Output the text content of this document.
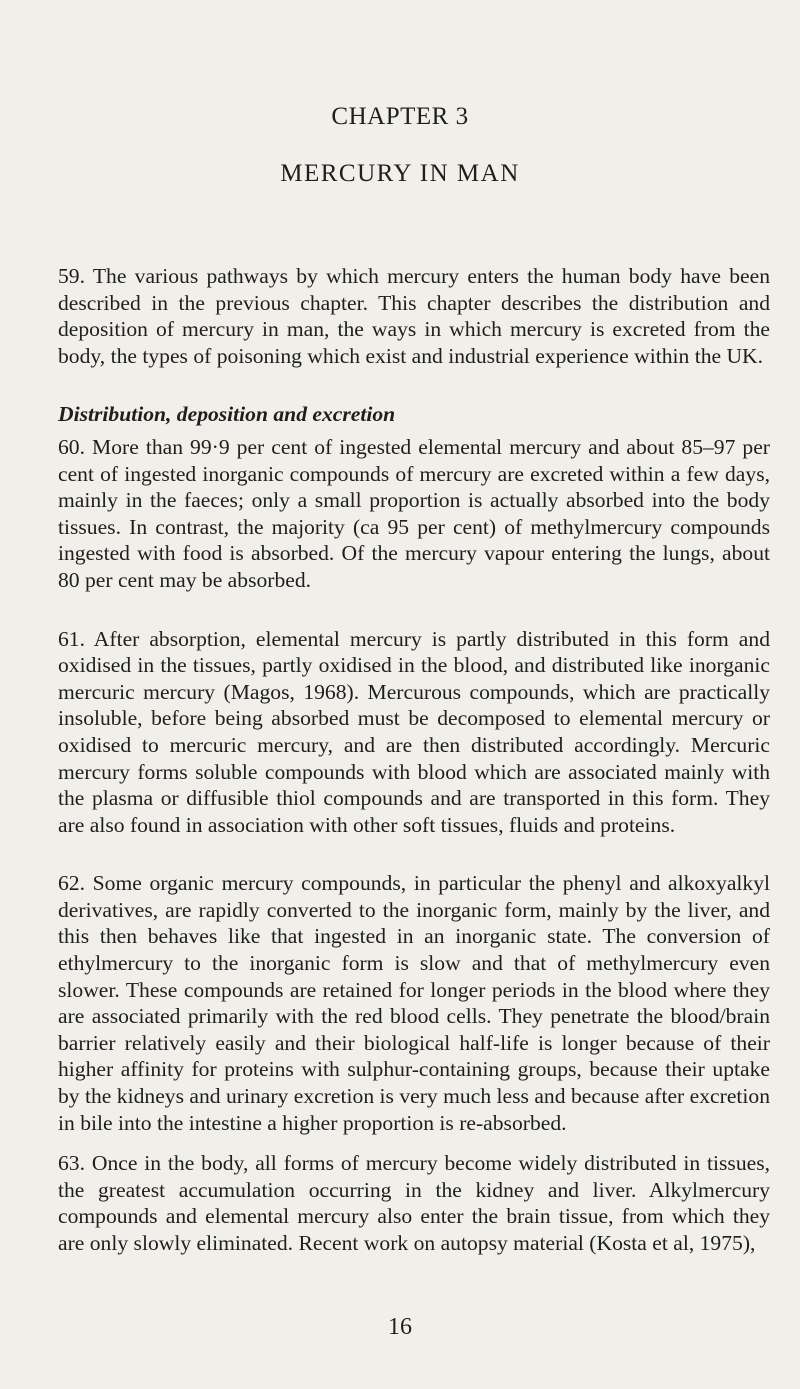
CHAPTER 3
MERCURY IN MAN

59. The various pathways by which mercury enters the human body have been described in the previous chapter. This chapter describes the distribution and deposition of mercury in man, the ways in which mercury is excreted from the body, the types of poisoning which exist and industrial experience within the UK.

Distribution, deposition and excretion

60. More than 99·9 per cent of ingested elemental mercury and about 85–97 per cent of ingested inorganic compounds of mercury are excreted within a few days, mainly in the faeces; only a small proportion is actually absorbed into the body tissues. In contrast, the majority (ca 95 per cent) of methylmercury compounds ingested with food is absorbed. Of the mercury vapour entering the lungs, about 80 per cent may be absorbed.

61. After absorption, elemental mercury is partly distributed in this form and oxidised in the tissues, partly oxidised in the blood, and distributed like inorganic mercuric mercury (Magos, 1968). Mercurous compounds, which are practically insoluble, before being absorbed must be decomposed to elemental mercury or oxidised to mercuric mercury, and are then distributed accordingly. Mercuric mercury forms soluble compounds with blood which are associated mainly with the plasma or diffusible thiol compounds and are transported in this form. They are also found in association with other soft tissues, fluids and proteins.

62. Some organic mercury compounds, in particular the phenyl and alkoxyalkyl derivatives, are rapidly converted to the inorganic form, mainly by the liver, and this then behaves like that ingested in an inorganic state. The conversion of ethylmercury to the inorganic form is slow and that of methylmercury even slower. These compounds are retained for longer periods in the blood where they are associated primarily with the red blood cells. They penetrate the blood/brain barrier relatively easily and their biological half-life is longer because of their higher affinity for proteins with sulphur-containing groups, because their uptake by the kidneys and urinary excretion is very much less and because after excretion in bile into the intestine a higher proportion is re-absorbed.

63. Once in the body, all forms of mercury become widely distributed in tissues, the greatest accumulation occurring in the kidney and liver. Alkylmercury compounds and elemental mercury also enter the brain tissue, from which they are only slowly eliminated. Recent work on autopsy material (Kosta et al, 1975),

16
